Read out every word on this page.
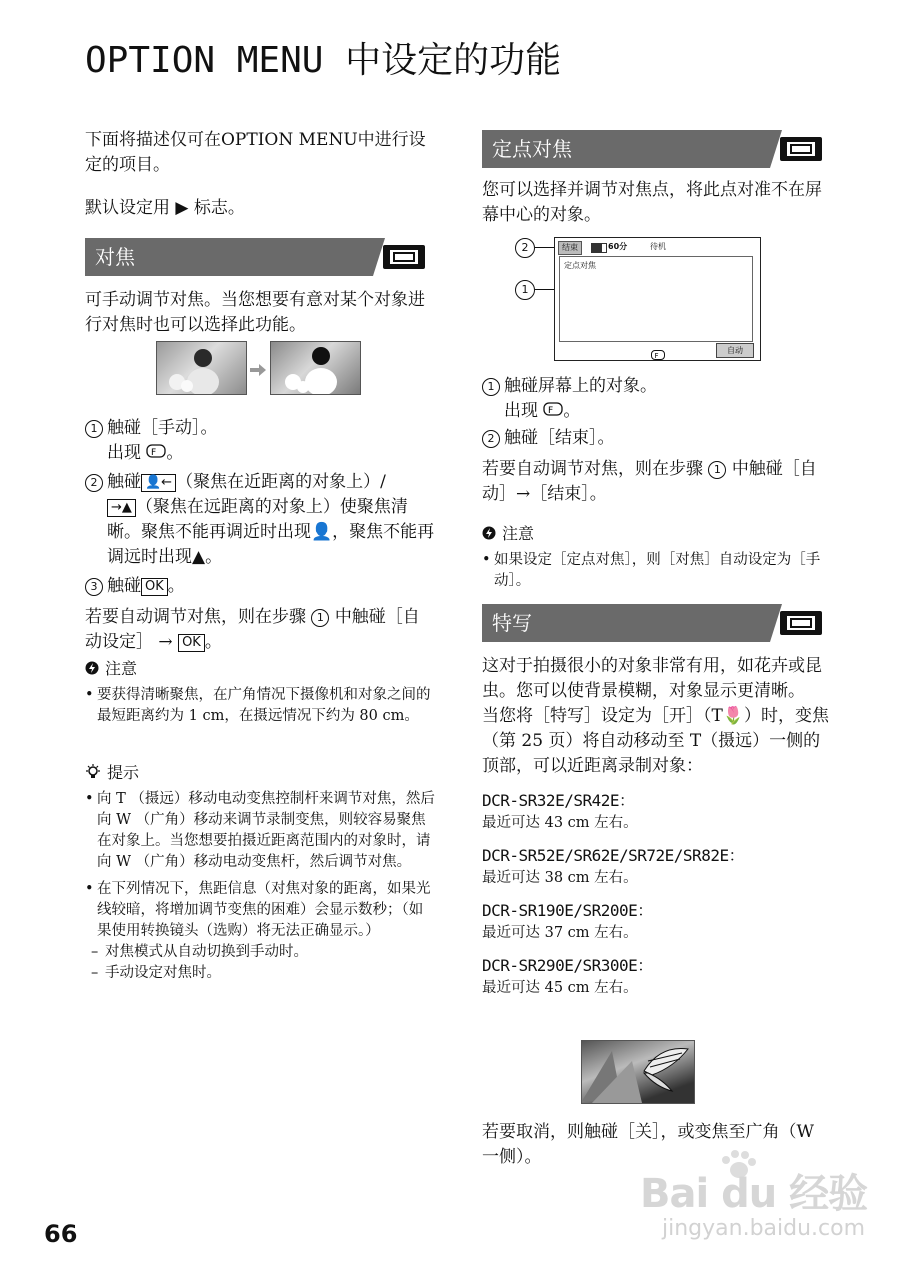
OPTION MENU 中设定的功能

下面将描述仅可在OPTION MENU中进行设定的项目。

默认设定用 ▶ 标志。

对焦

可手动调节对焦。当您想要有意对某个对象进行对焦时也可以选择此功能。

1 触碰［手动］。
出现 F 。
2 触碰 👤← （聚焦在近距离的对象上）/
→▲ （聚焦在远距离的对象上）使聚焦清晰。聚焦不能再调近时出现👤，聚焦不能再调远时出现▲。
3 触碰 OK 。

若要自动调节对焦，则在步骤 1 中触碰［自动设定］ → OK 。

注意

• 要获得清晰聚焦，在广角情况下摄像机和对象之间的最短距离约为 1 cm，在摄远情况下约为 80 cm。

提示

• 向 T （摄远）移动电动变焦控制杆来调节对焦，然后向 W （广角）移动来调节录制变焦，则较容易聚焦在对象上。当您想要拍摄近距离范围内的对象时，请向 W （广角）移动电动变焦杆，然后调节对焦。

• 在下列情况下，焦距信息（对焦对象的距离，如果光线较暗，将增加调节变焦的困难）会显示数秒；（如果使用转换镜头（选购）将无法正确显示。）

– 对焦模式从自动切换到手动时。

– 手动设定对焦时。

定点对焦

您可以选择并调节对焦点，将此点对准不在屏幕中心的对象。

2
1
结束	60分	待机
定点对焦
F
自动
1 触碰屏幕上的对象。
出现 F 。
2 触碰［结束］。

若要自动调节对焦，则在步骤 1 中触碰［自动］→［结束］。

注意

• 如果设定［定点对焦］，则［对焦］自动设定为［手动］。

特写

这对于拍摄很小的对象非常有用，如花卉或昆虫。您可以使背景模糊，对象显示更清晰。

当您将［特写］设定为［开］（T🌷）时，变焦（第 25 页）将自动移动至 T（摄远）一侧的顶部，可以近距离录制对象：

DCR-SR32E/SR42E：
最近可达 43 cm 左右。
DCR-SR52E/SR62E/SR72E/SR82E：
最近可达 38 cm 左右。
DCR-SR190E/SR200E：
最近可达 37 cm 左右。
DCR-SR290E/SR300E：
最近可达 45 cm 左右。

若要取消，则触碰［关］，或变焦至广角（W 一侧）。

66
Bai du 经验
jingyan.baidu.com
